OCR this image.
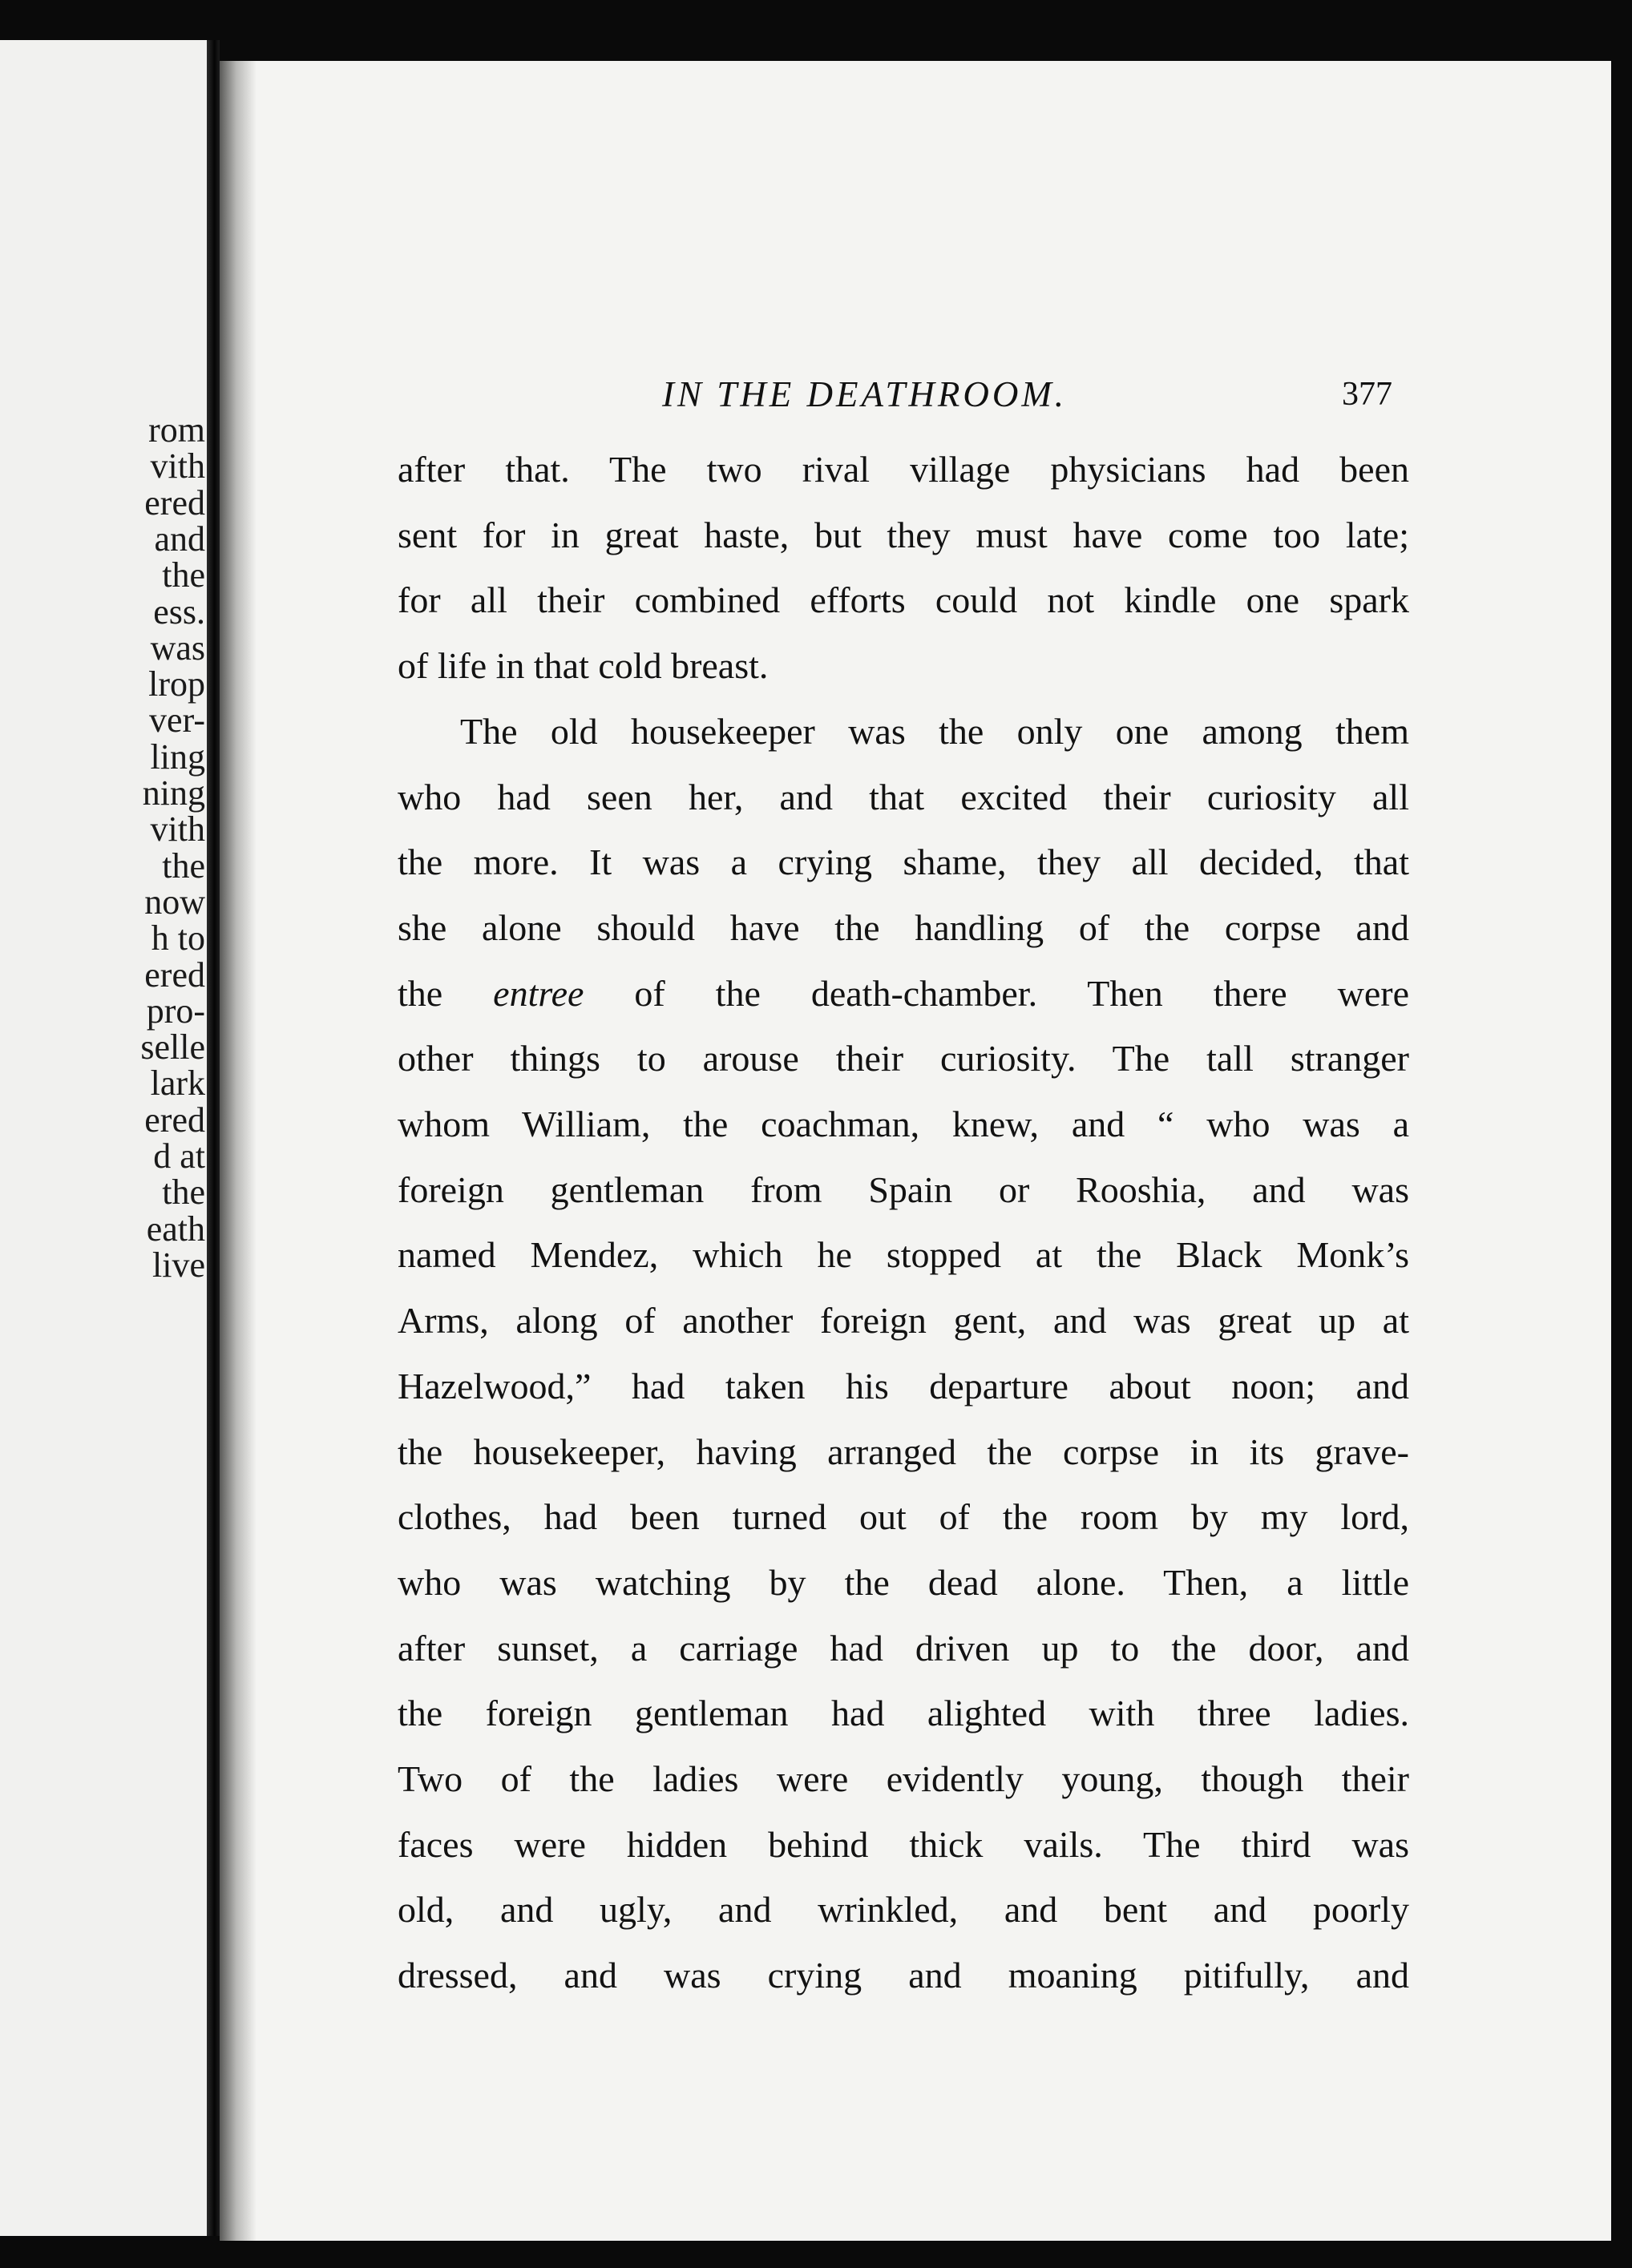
rom
vith
ered
and
the
ess.
was
lrop
ver-
ling
ning
vith
the
now
h to
ered
pro-
selle
lark
ered
d at
the
eath
live
IN THE DEATHROOM.	377
after that. The two rival village physicians had been
sent for in great haste, but they must have come too late;
for all their combined efforts could not kindle one spark
of life in that cold breast.
The old housekeeper was the only one among them
who had seen her, and that excited their curiosity all
the more. It was a crying shame, they all decided, that
she alone should have the handling of the corpse and
the entree of the death-chamber. Then there were
other things to arouse their curiosity. The tall stranger
whom William, the coachman, knew, and “ who was a
foreign gentleman from Spain or Rooshia, and was
named Mendez, which he stopped at the Black Monk’s
Arms, along of another foreign gent, and was great up at
Hazelwood,” had taken his departure about noon; and
the housekeeper, having arranged the corpse in its grave-
clothes, had been turned out of the room by my lord,
who was watching by the dead alone. Then, a little
after sunset, a carriage had driven up to the door, and
the foreign gentleman had alighted with three ladies.
Two of the ladies were evidently young, though their
faces were hidden behind thick vails. The third was
old, and ugly, and wrinkled, and bent and poorly
dressed, and was crying and moaning pitifully, and
